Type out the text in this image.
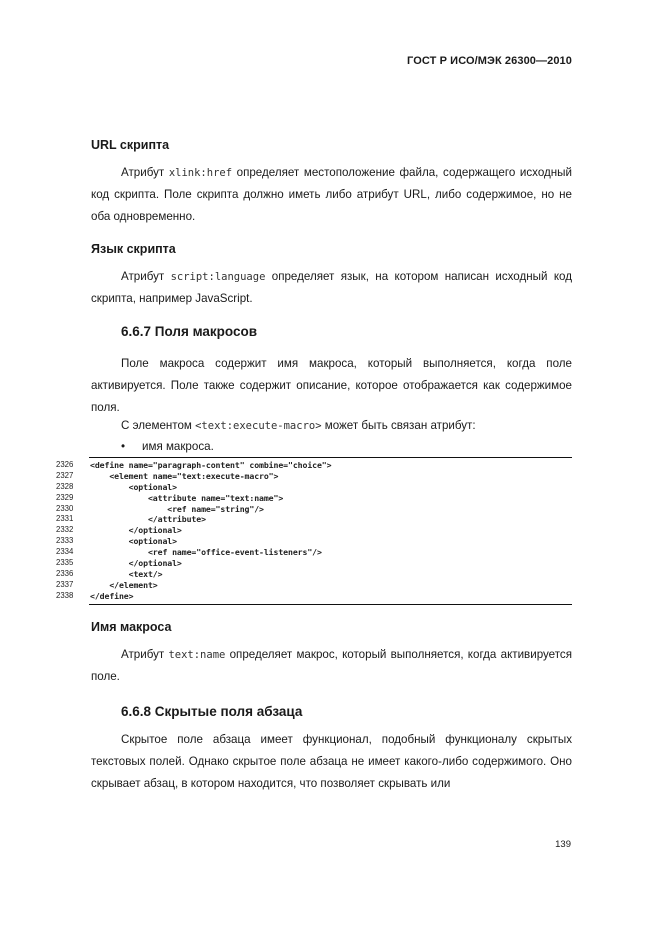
ГОСТ Р ИСО/МЭК 26300—2010
URL скрипта
Атрибут xlink:href определяет местоположение файла, содержащего исходный код скрипта. Поле скрипта должно иметь либо атрибут URL, либо содержимое, но не оба одновременно.
Язык скрипта
Атрибут script:language определяет язык, на котором написан исходный код скрипта, например JavaScript.
6.6.7 Поля макросов
Поле макроса содержит имя макроса, который выполняется, когда поле активируется. Поле также содержит описание, которое отображается как содержимое поля.
С элементом <text:execute-macro> может быть связан атрибут:
• имя макроса.
2326	<define name="paragraph-content" combine="choice">
2327	<element name="text:execute-macro">
2328	<optional>
2329	<attribute name="text:name">
2330	<ref name="string"/>
2331	</attribute>
2332	</optional>
2333	<optional>
2334	<ref name="office-event-listeners"/>
2335	</optional>
2336	<text/>
2337	</element>
2338	</define>
Имя макроса
Атрибут text:name определяет макрос, который выполняется, когда активируется поле.
6.6.8 Скрытые поля абзаца
Скрытое поле абзаца имеет функционал, подобный функционалу скрытых текстовых полей. Однако скрытое поле абзаца не имеет какого-либо содержимого. Оно скрывает абзац, в котором находится, что позволяет скрывать или
139
